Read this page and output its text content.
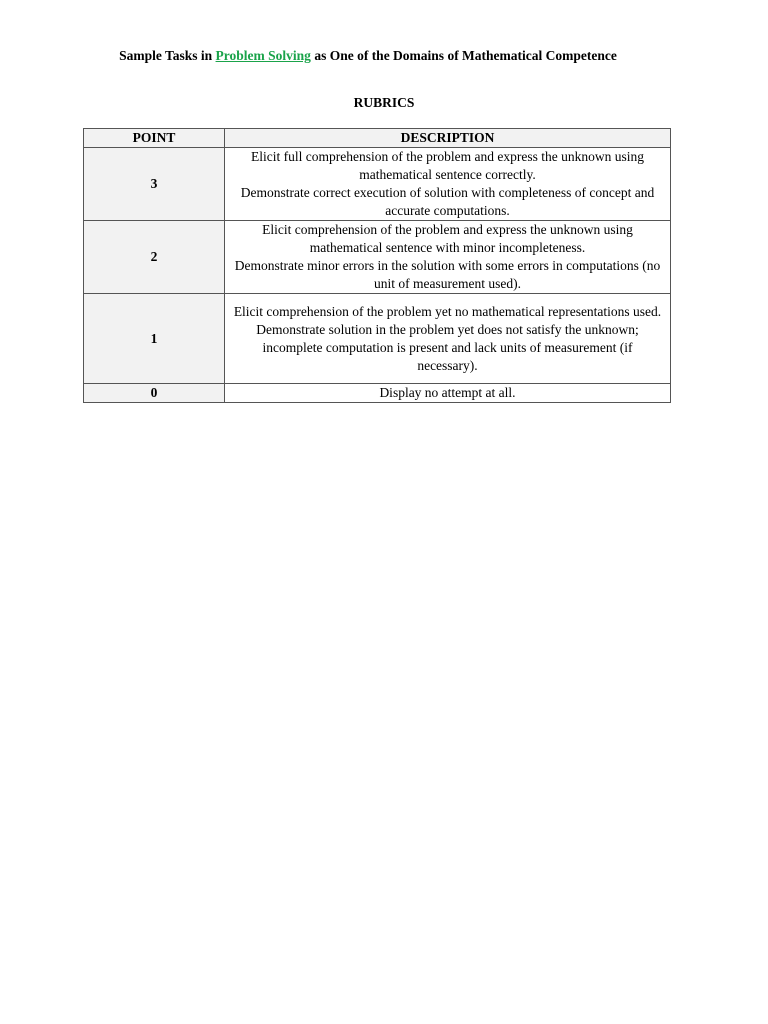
Sample Tasks in Problem Solving as One of the Domains of Mathematical Competence
RUBRICS
POINT	DESCRIPTION
3	Elicit full comprehension of the problem and express the unknown using mathematical sentence correctly.
Demonstrate correct execution of solution with completeness of concept and accurate computations.

2	Elicit comprehension of the problem and express the unknown using mathematical sentence with minor incompleteness.
Demonstrate minor errors in the solution with some errors in computations (no unit of measurement used).

1	Elicit comprehension of the problem yet no mathematical representations used.
Demonstrate solution in the problem yet does not satisfy the unknown; incomplete computation is present and lack units of measurement (if necessary).

0	Display no attempt at all.
